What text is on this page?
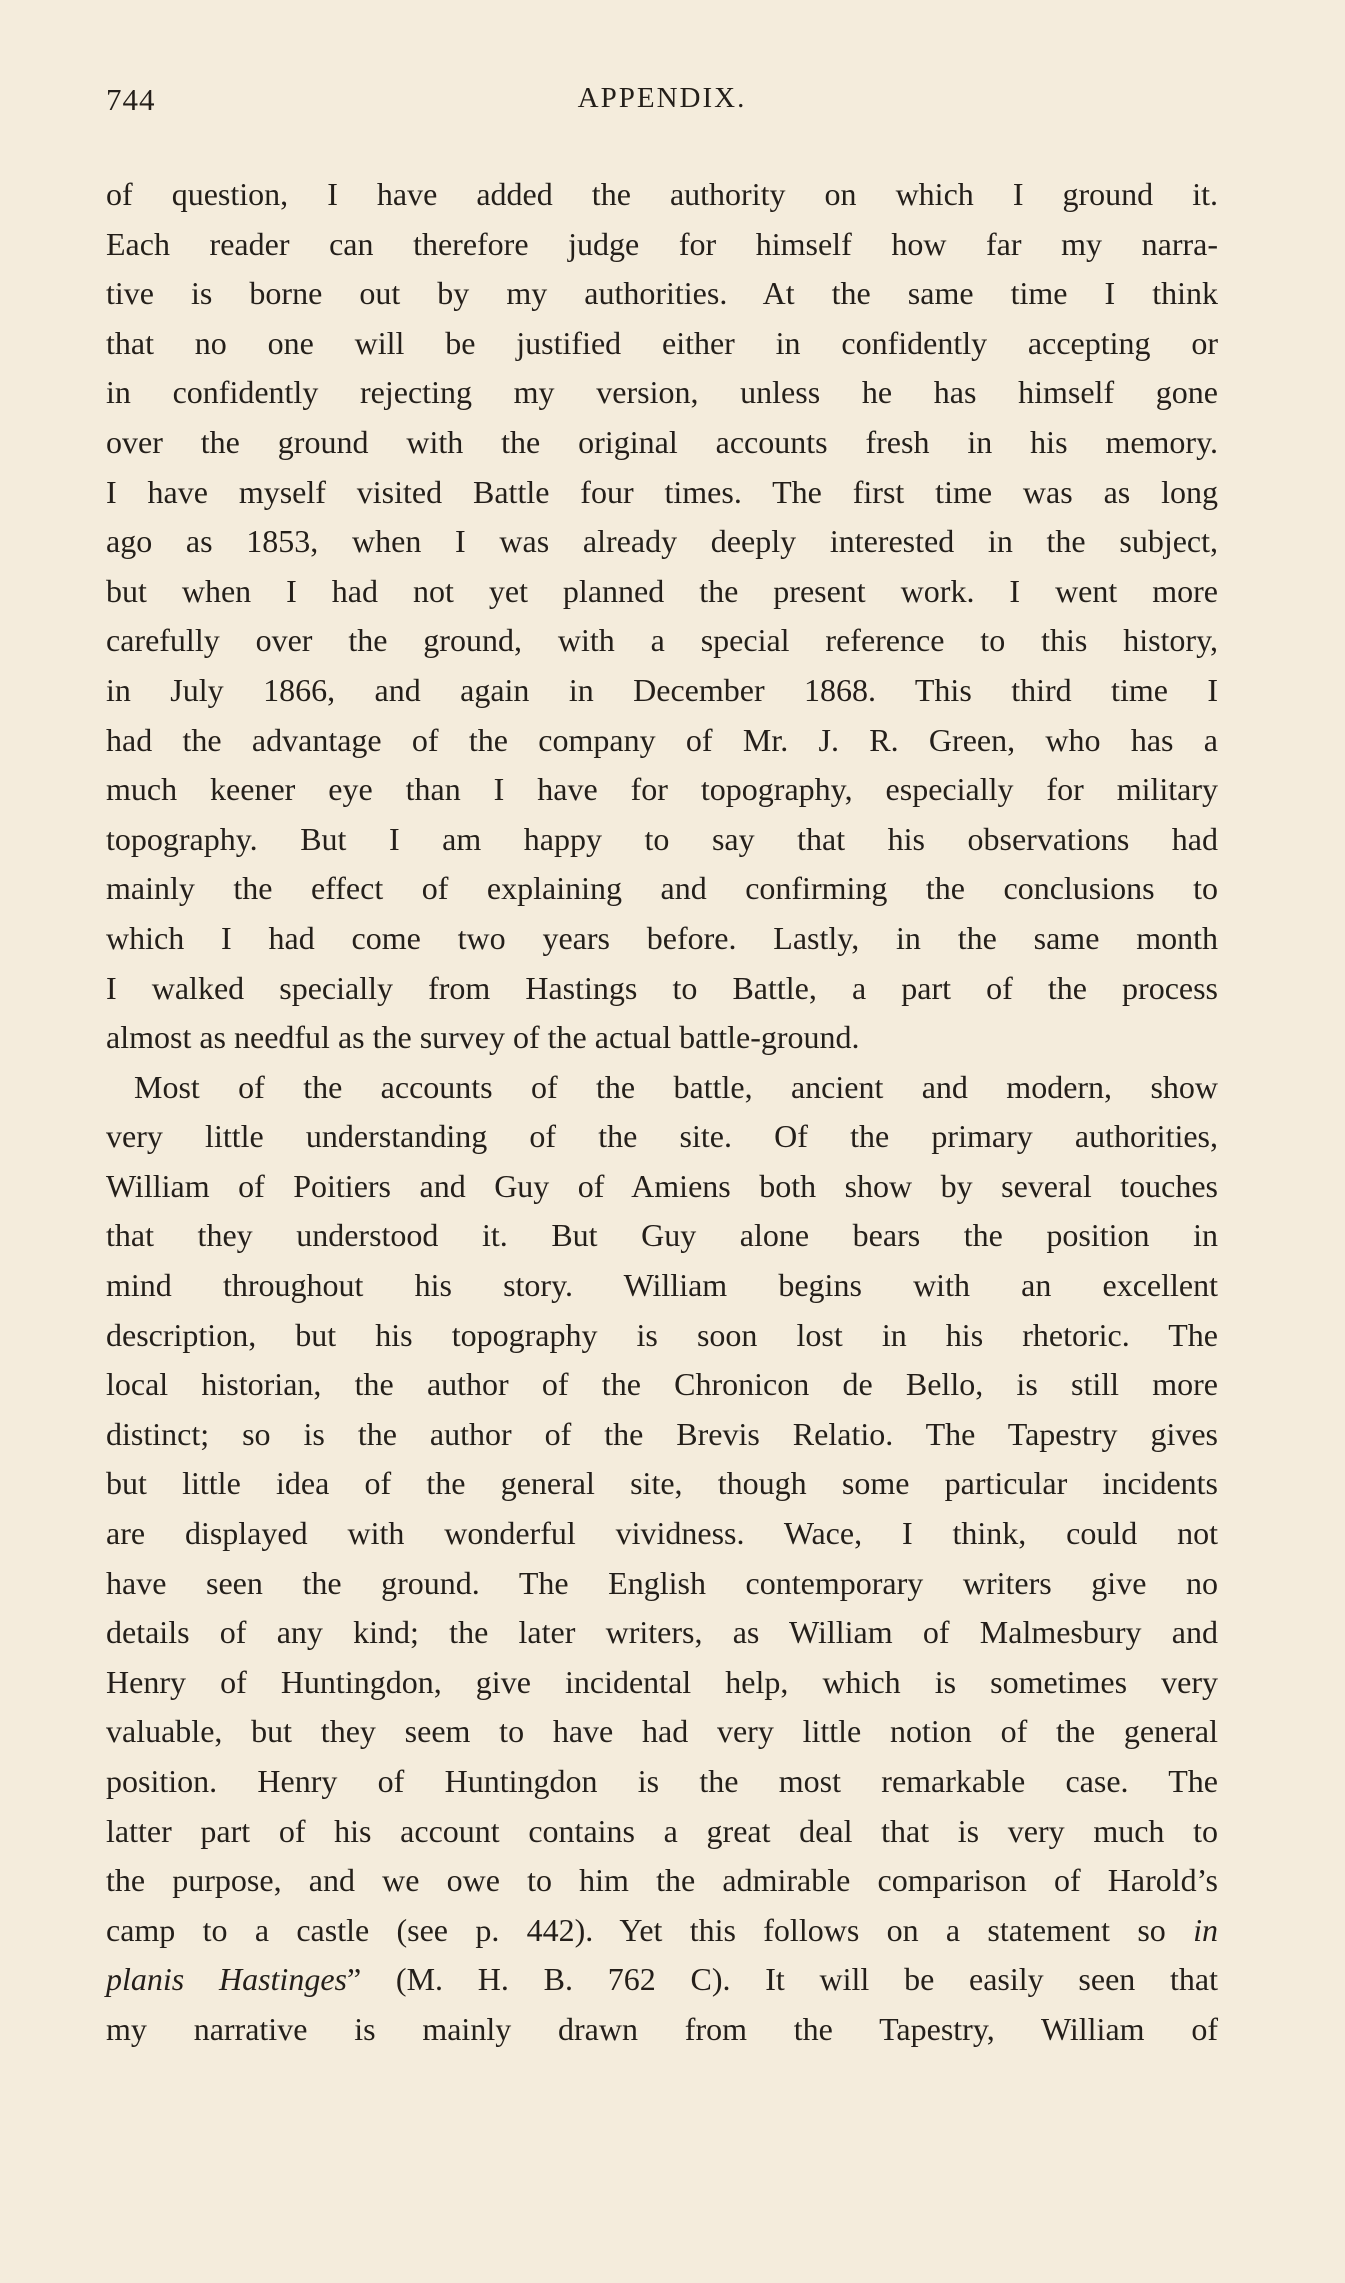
744	APPENDIX.
of question, I have added the authority on which I ground it.
Each reader can therefore judge for himself how far my narra-
tive is borne out by my authorities. At the same time I think
that no one will be justified either in confidently accepting or
in confidently rejecting my version, unless he has himself gone
over the ground with the original accounts fresh in his memory.
I have myself visited Battle four times. The first time was as long
ago as 1853, when I was already deeply interested in the subject,
but when I had not yet planned the present work. I went more
carefully over the ground, with a special reference to this history,
in July 1866, and again in December 1868. This third time I
had the advantage of the company of Mr. J. R. Green, who has a
much keener eye than I have for topography, especially for military
topography. But I am happy to say that his observations had
mainly the effect of explaining and confirming the conclusions to
which I had come two years before. Lastly, in the same month
I walked specially from Hastings to Battle, a part of the process
almost as needful as the survey of the actual battle-ground.
Most of the accounts of the battle, ancient and modern, show
very little understanding of the site. Of the primary authorities,
William of Poitiers and Guy of Amiens both show by several touches
that they understood it. But Guy alone bears the position in
mind throughout his story. William begins with an excellent
description, but his topography is soon lost in his rhetoric. The
local historian, the author of the Chronicon de Bello, is still more
distinct; so is the author of the Brevis Relatio. The Tapestry gives
but little idea of the general site, though some particular incidents
are displayed with wonderful vividness. Wace, I think, could not
have seen the ground. The English contemporary writers give no
details of any kind; the later writers, as William of Malmesbury and
Henry of Huntingdon, give incidental help, which is sometimes very
valuable, but they seem to have had very little notion of the general
position. Henry of Huntingdon is the most remarkable case. The
latter part of his account contains a great deal that is very much to
the purpose, and we owe to him the admirable comparison of Harold’s
camp to a castle (see p. 442). Yet this follows on a statement so in
planis Hastinges” (M. H. B. 762 C). It will be easily seen that
my narrative is mainly drawn from the Tapestry, William of
